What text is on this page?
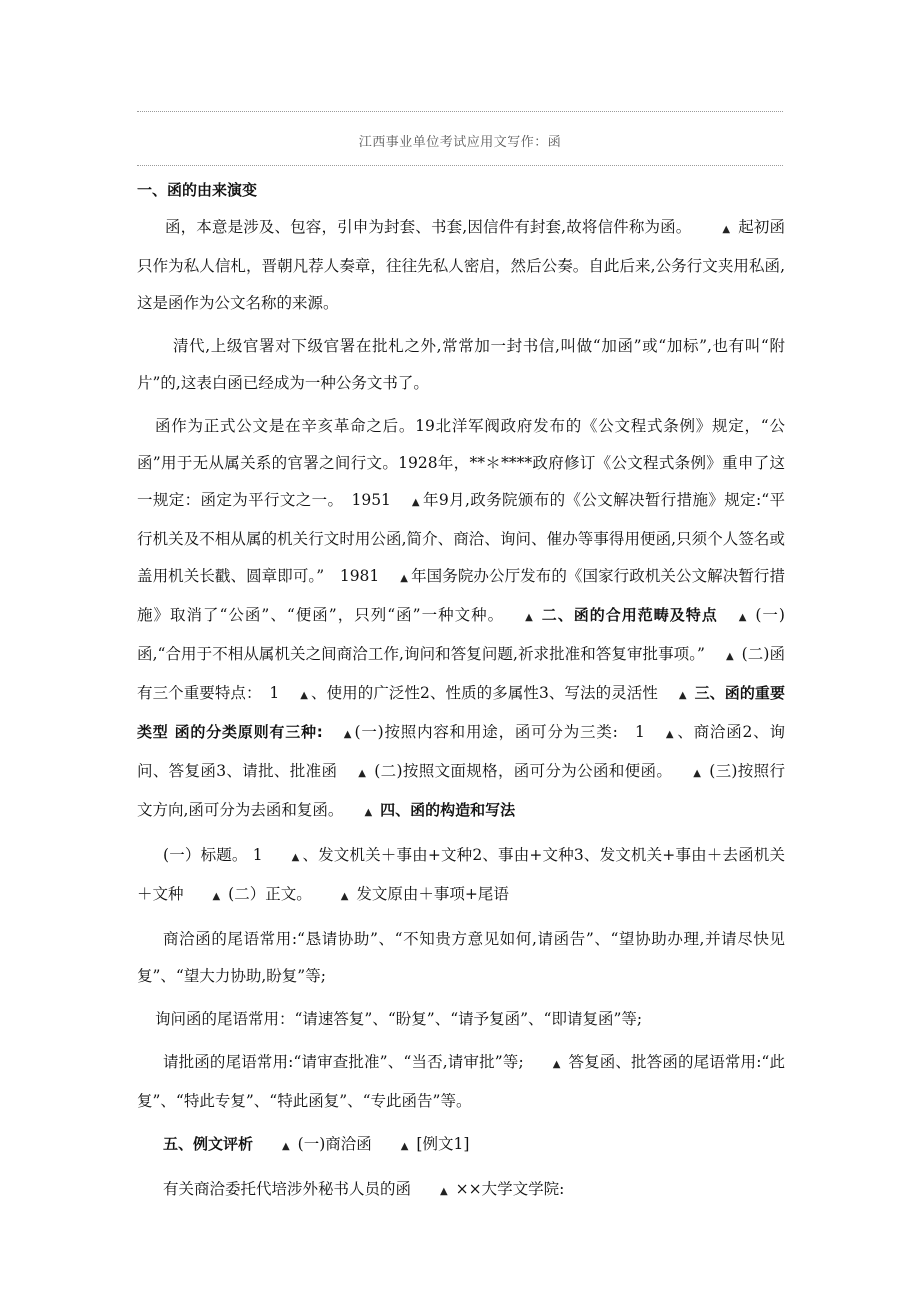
江西事业单位考试应用文写作：函

一、函的由来演变

函，本意是涉及、包容，引申为封套、书套,因信件有封套,故将信件称为函。	▲ 起初函只作为私人信札，晋朝凡荐人奏章，往往先私人密启，然后公奏。自此后来,公务行文夹用私函,这是函作为公文名称的来源。

清代,上级官署对下级官署在批札之外,常常加一封书信,叫做“加函”或“加标”,也有叫“附片”的,这表白函已经成为一种公务文书了。

函作为正式公文是在辛亥革命之后。19北洋军阀政府发布的《公文程式条例》规定，“公函”用于无从属关系的官署之间行文。1928年，**＊****政府修订《公文程式条例》重申了这一规定：函定为平行文之一。　1951 ▲ 年9月,政务院颁布的《公文解决暂行措施》规定:“平行机关及不相从属的机关行文时用公函,简介、商洽、询问、催办等事得用便函,只须个人签名或盖用机关长戳、圆章即可。”　1981 ▲ 年国务院办公厅发布的《国家行政机关公文解决暂行措施》取消了“公函”、“便函”，只列“函”一种文种。 ▲ 二、函的合用范畴及特点 ▲ (一)函,“合用于不相从属机关之间商洽工作,询问和答复问题,祈求批准和答复审批事项。” ▲ (二)函有三个重要特点：　1 ▲ 、使用的广泛性2、性质的多属性3、写法的灵活性 ▲ 三、函的重要类型 函的分类原则有三种: ▲ (一)按照内容和用途，函可分为三类:　1 ▲ 、商洽函2、询问、答复函3、请批、批准函 ▲ (二)按照文面规格，函可分为公函和便函。 ▲ (三)按照行文方向,函可分为去函和复函。 ▲ 四、函的构造和写法

(一）标题。 1	▲ 、发文机关＋事由+文种2、事由+文种3、发文机关+事由＋去函机关＋文种	▲ (二）正文。	▲ 发文原由＋事项+尾语

商洽函的尾语常用:“恳请协助”、“不知贵方意见如何,请函告”、“望协助办理,并请尽快见复”、“望大力协助,盼复”等;

询问函的尾语常用：“请速答复”、“盼复”、“请予复函”、“即请复函”等;

请批函的尾语常用:“请审查批准”、“当否,请审批”等;	▲ 答复函、批答函的尾语常用:“此复”、“特此专复”、“特此函复”、“专此函告”等。

五、例文评析	▲ (一)商洽函	▲ [例文1]

有关商洽委托代培涉外秘书人员的函	▲ ××大学文学院:
